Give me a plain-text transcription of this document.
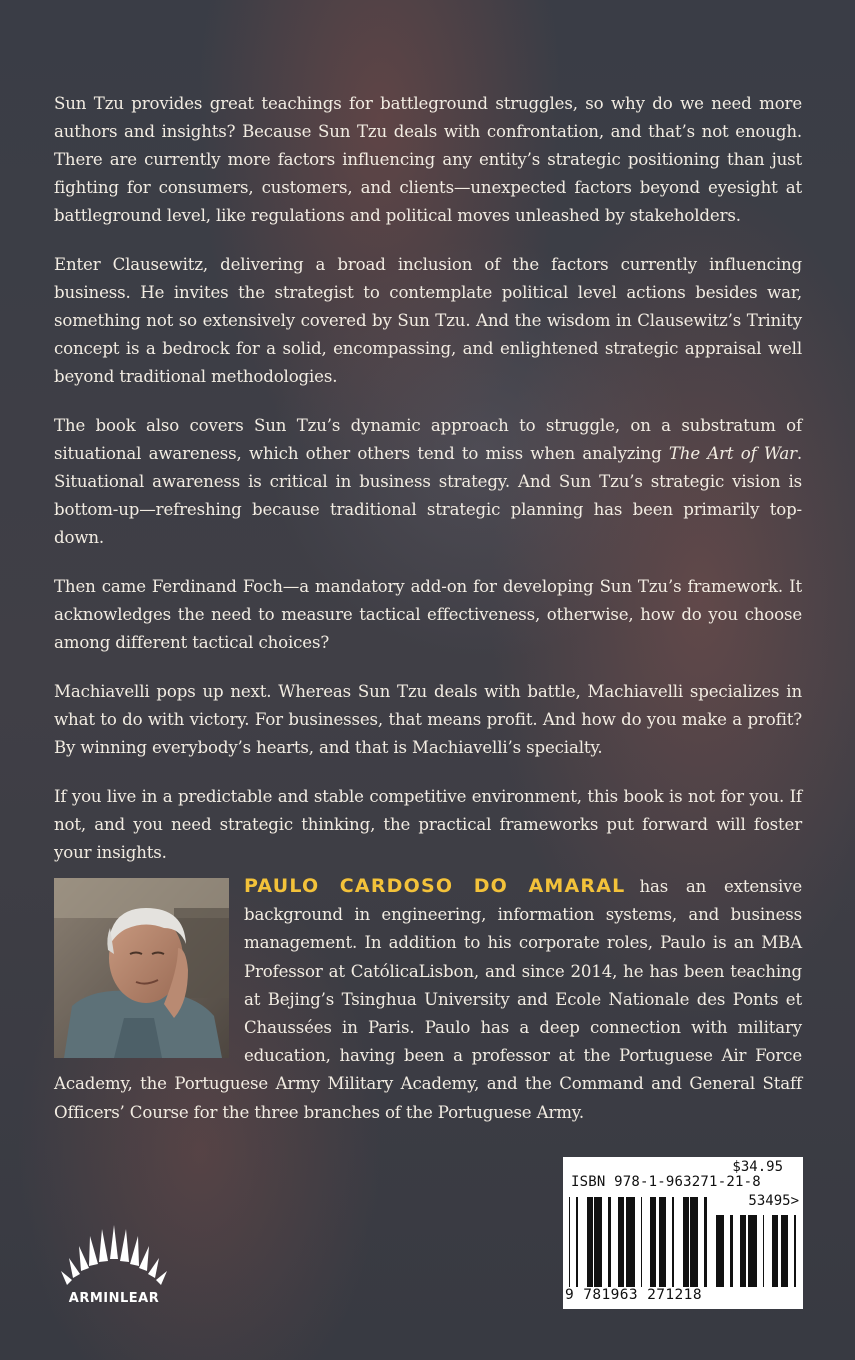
Sun Tzu provides great teachings for battleground struggles, so why do we need more authors and insights? Because Sun Tzu deals with confrontation, and that’s not enough. There are currently more factors influencing any entity’s strategic positioning than just fighting for consumers, customers, and clients—unexpected factors beyond eyesight at battleground level, like regulations and political moves unleashed by stakeholders.

Enter Clausewitz, delivering a broad inclusion of the factors currently influencing business. He invites the strategist to contemplate political level actions besides war, something not so extensively covered by Sun Tzu. And the wisdom in Clausewitz’s Trinity concept is a bedrock for a solid, encompassing, and enlightened strategic appraisal well beyond traditional methodologies.

The book also covers Sun Tzu’s dynamic approach to struggle, on a substratum of situational awareness, which other others tend to miss when analyzing The Art of War. Situational awareness is critical in business strategy. And Sun Tzu’s strategic vision is bottom-up—refreshing because traditional strategic planning has been primarily top-down.

Then came Ferdinand Foch—a mandatory add-on for developing Sun Tzu’s framework. It acknowledges the need to measure tactical effectiveness, otherwise, how do you choose among different tactical choices?

Machiavelli pops up next. Whereas Sun Tzu deals with battle, Machiavelli specializes in what to do with victory. For businesses, that means profit. And how do you make a profit? By winning everybody’s hearts, and that is Machiavelli’s specialty.

If you live in a predictable and stable competitive environment, this book is not for you. If not, and you need strategic thinking, the practical frameworks put forward will foster your insights.

PAULO CARDOSO DO AMARAL has an extensive background in engineering, information systems, and business management. In addition to his corporate roles, Paulo is an MBA Professor at CatólicaLisbon, and since 2014, he has been teaching at Bejing’s Tsinghua University and Ecole Nationale des Ponts et Chaussées in Paris. Paulo has a deep connection with military education, having been a professor at the Portuguese Air Force Academy, the Portuguese Army Military Academy, and the Command and General Staff Officers’ Course for the three branches of the Portuguese Army.

ARMINLEAR
$34.95
ISBN 978-1-963271-21-8
53495>
9 781963 271218
